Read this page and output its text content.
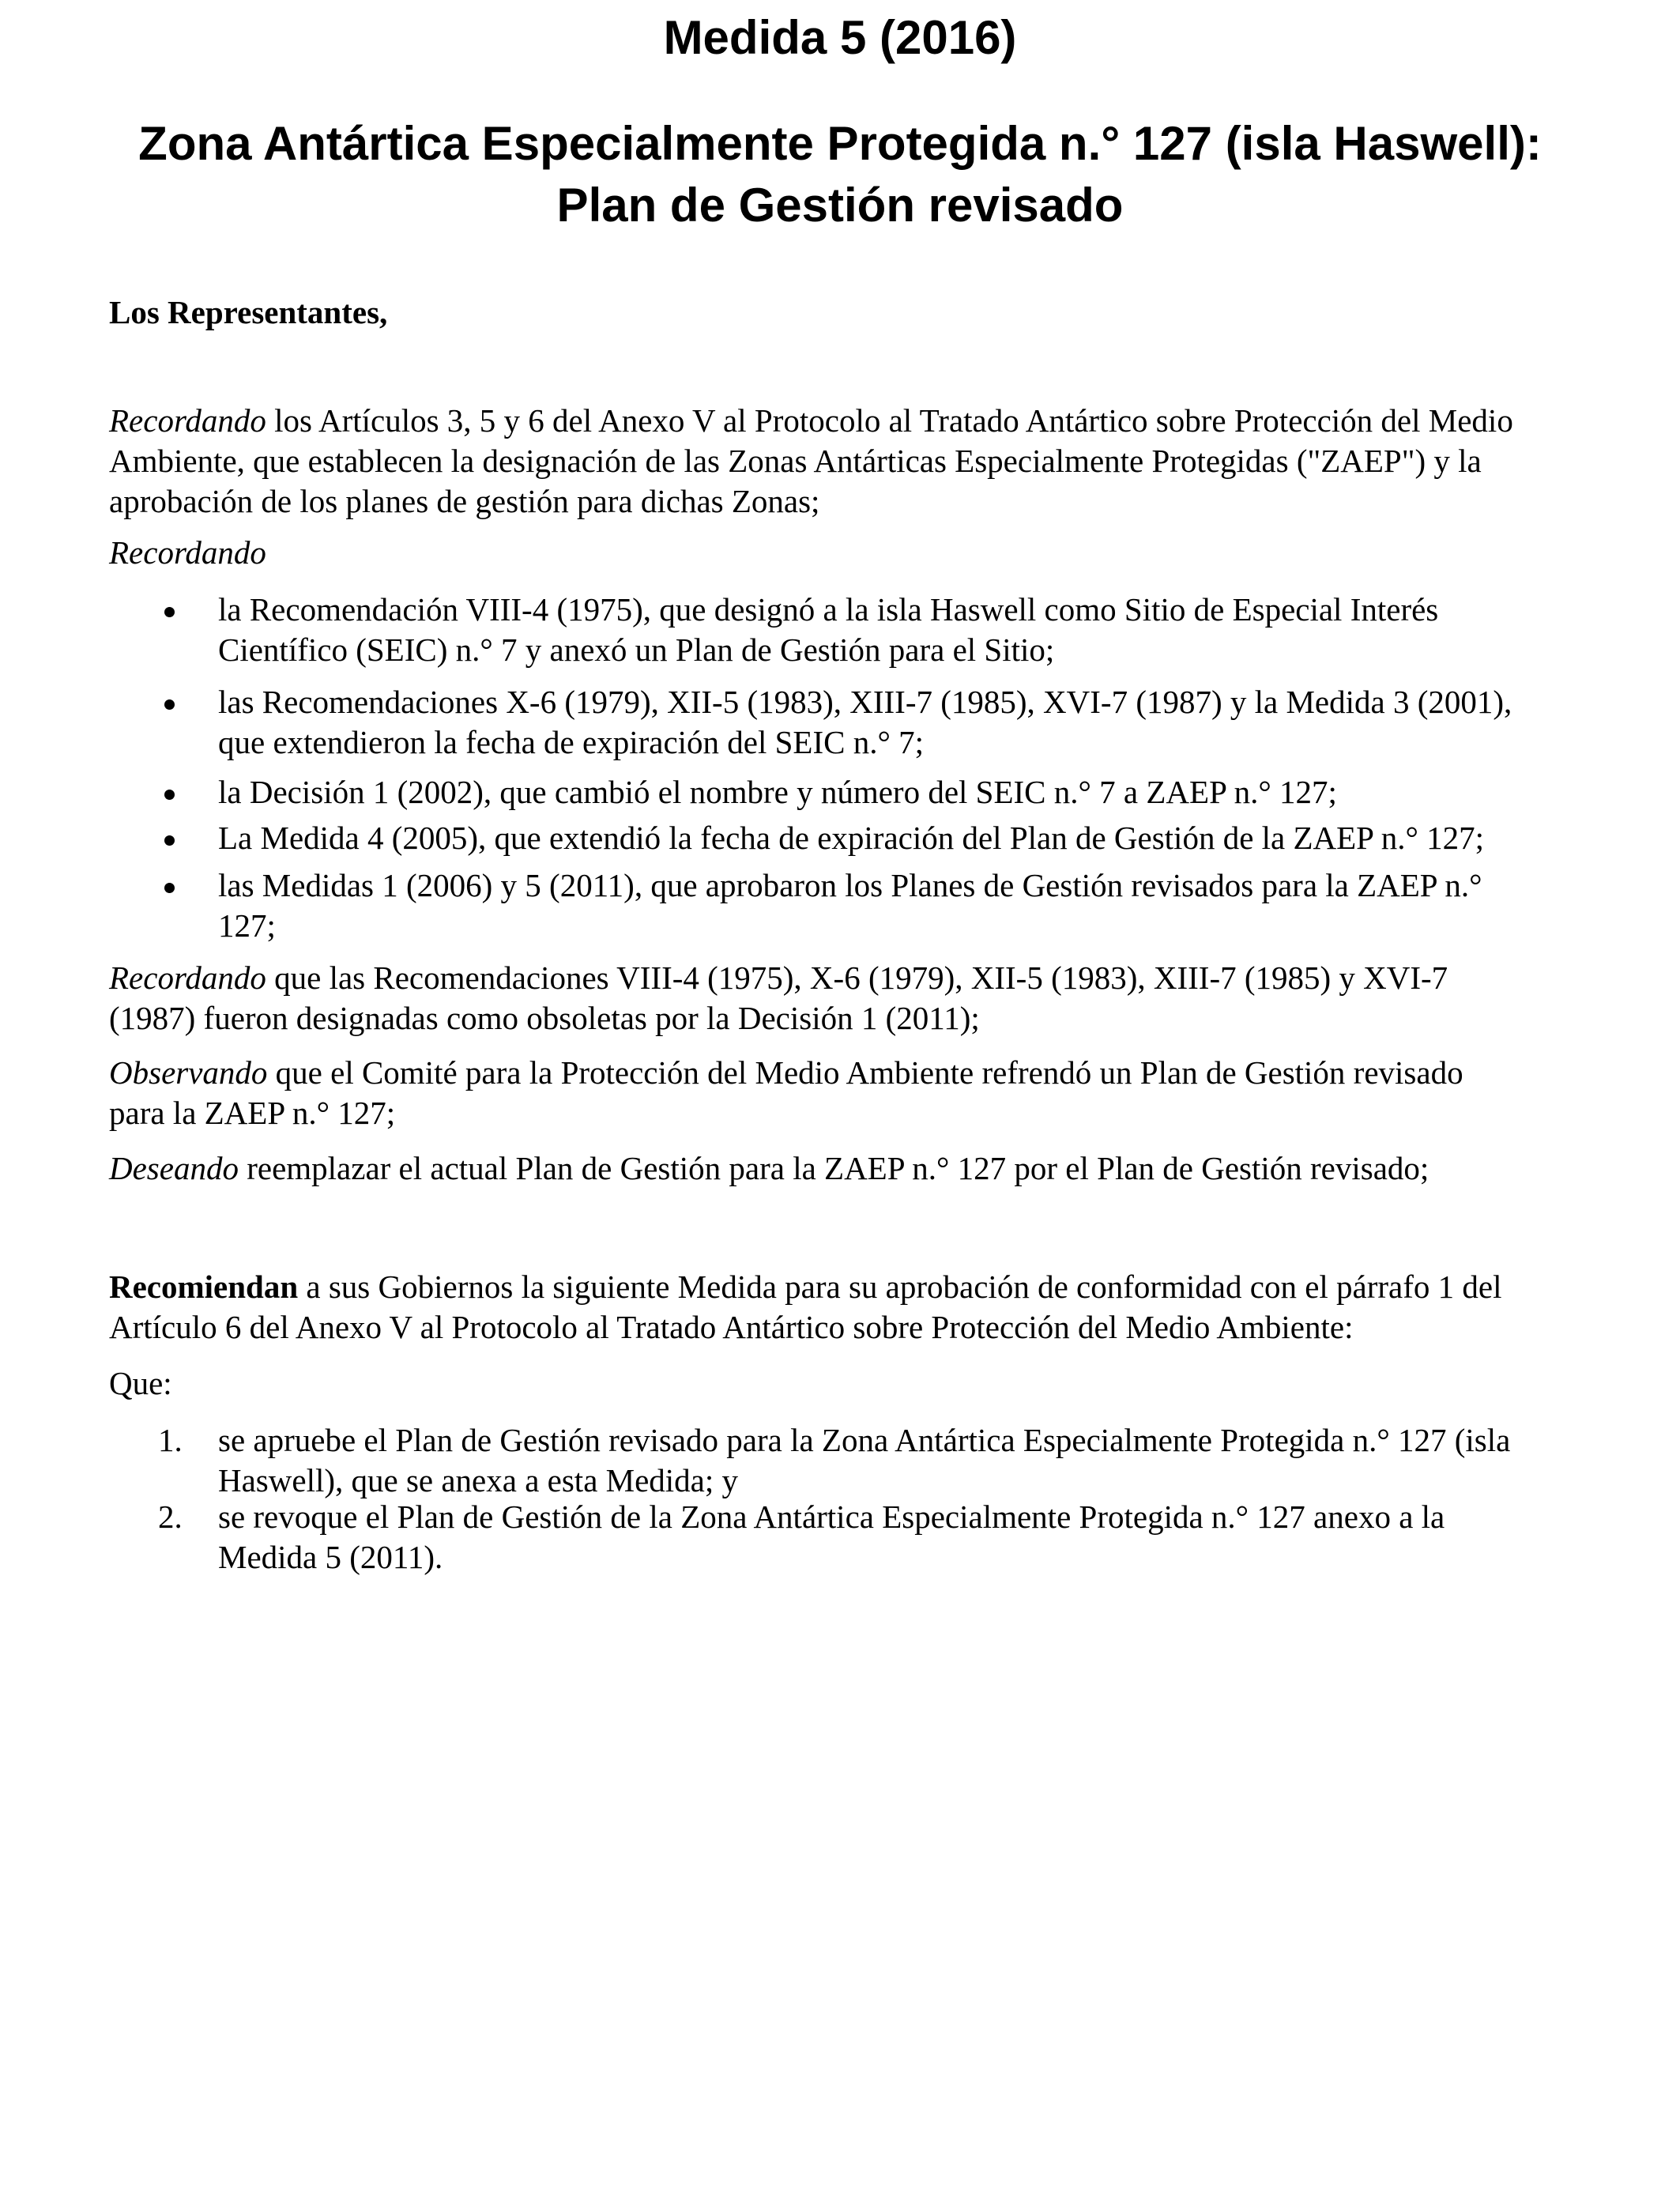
Medida 5 (2016)
Zona Antártica Especialmente Protegida n.° 127 (isla Haswell):
Plan de Gestión revisado

Los Representantes,

Recordando los Artículos 3, 5 y 6 del Anexo V al Protocolo al Tratado Antártico sobre Protección del Medio
Ambiente, que establecen la designación de las Zonas Antárticas Especialmente Protegidas ("ZAEP") y la
aprobación de los planes de gestión para dichas Zonas;

Recordando

la Recomendación VIII-4 (1975), que designó a la isla Haswell como Sitio de Especial Interés
Científico (SEIC) n.° 7 y anexó un Plan de Gestión para el Sitio;
las Recomendaciones X-6 (1979), XII-5 (1983), XIII-7 (1985), XVI-7 (1987) y la Medida 3 (2001),
que extendieron la fecha de expiración del SEIC n.° 7;
la Decisión 1 (2002), que cambió el nombre y número del SEIC n.° 7 a ZAEP n.° 127;
La Medida 4 (2005), que extendió la fecha de expiración del Plan de Gestión de la ZAEP n.° 127;
las Medidas 1 (2006) y 5 (2011), que aprobaron los Planes de Gestión revisados para la ZAEP n.°
127;
Recordando que las Recomendaciones VIII-4 (1975), X-6 (1979), XII-5 (1983), XIII-7 (1985) y XVI-7
(1987) fueron designadas como obsoletas por la Decisión 1 (2011);
Observando que el Comité para la Protección del Medio Ambiente refrendó un Plan de Gestión revisado
para la ZAEP n.° 127;
Deseando reemplazar el actual Plan de Gestión para la ZAEP n.° 127 por el Plan de Gestión revisado;
Recomiendan a sus Gobiernos la siguiente Medida para su aprobación de conformidad con el párrafo 1 del
Artículo 6 del Anexo V al Protocolo al Tratado Antártico sobre Protección del Medio Ambiente:

Que:

1. se apruebe el Plan de Gestión revisado para la Zona Antártica Especialmente Protegida n.° 127 (isla
Haswell), que se anexa a esta Medida; y
2. se revoque el Plan de Gestión de la Zona Antártica Especialmente Protegida n.° 127 anexo a la
Medida 5 (2011).
